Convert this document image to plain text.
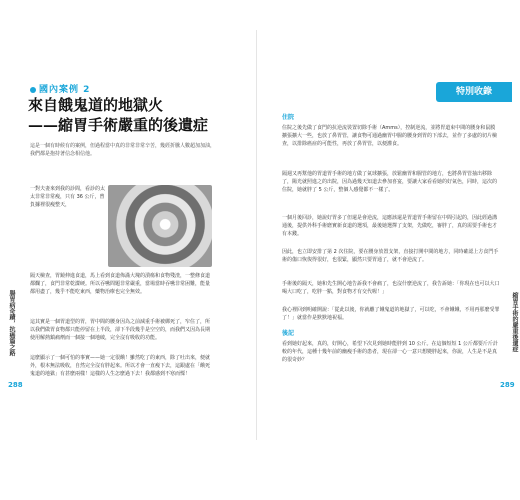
國內案例 2
來自餓鬼道的地獄火
——縮胃手術嚴重的後遺症
這是一個有時候有的案例，但過程當中真的非常非常辛苦，幾經折騰人數超加加油，我們都是抱持著信念相信他。
一對夫妻來到我的診間，看診的太太非常非常瘦，只有 36 公斤，曾負據裡很瘦整天，
隔天檢查，胃鏡伸進食道，馬上看到食道佈滿大塊的潰瘍和食物殘渣，一整條食道都爛了，食門非常乾澀硬。所以吞嚥問題非常嚴重，當場當時吞嚥非常困難，能量都用盡了，幾乎不能吃東西，藥物治療也完全無效。
這其實是一個胃道型的胃，胃中間的腰身因為之前減重手術被綁死了，窄住了，所以我們做胃食物都只能停留在上半段，卻下半段幾乎是空空的，而我們又因為長期使用解熱鎮痛劑而一個接一個地破，完全沒有吸收的功能。
這麼顯示了一個可怕的事實——她一定很餓！雖然吃了的東西，除了吐出來，便就外，根本無法吸收，自然完全沒有胖起來。所以才會一直瘦下去，這跟處在「餓死鬼道的地獄」有甚麼兩樣！這樣的人生怎麼過下去！我都感到不寒而慄！
腸胃病奇蹟，抗癌篇之路
288
特別收錄
住院
住院之後先做了食門的抗逆流裝置切除手術（Amms），控制逆流，並將胃道束中間的腰身和鼠膜擴張擴大一些，也放了鼻胃管，讓食物可通過幽胃中腸的腰身到胃的下部去，並作了多處的切片檢查，以排除癌症的可能性，再放了鼻胃管，以便灌食。
隔週又再幫他的胃道胃手術的地方做了氣球擴張，放鬆幽胃和腸管的地方，也將鼻胃管抽出移除了，陽光就照進之的出院，因為過幾天知道去參加喜宴，要讓大家看看她的好氣色，同時，這次的住院，她就胖了 5 公斤，整個人感覺都不一樣了。
一個月後回診，她說好胃多了但還是會逆流，這應該還是胃道胃手術留在中間引起的，因此經過溝通後，提供外科手術磨實新食道的選項，最後她選擇了支架，先做吃，審胖了，真的需要手術也才有本錢。
因此，也立即安排了第 2 次住院，要在腰身放置支架，直接打開中間的地方，同時確認上方食門手術的傷口恢復得很好，也很緊，顯然只要胃通了，就不會逆流了。
手術後的隔天，她和先生開心地告訴我不會痛了，也沒什麼逆流了，我告訴她：「你現在也可以大口喝大口吃了，吃胖一點，對食物才有交代喔！」
我心裡回到明確開說：「從此以後，你就離了餓鬼道的地獄了，可以吃，不會餓餓，不用再那麼受罪了！」就當作是默默地祝福。
後記
看到她好起來，真的，好開心，希望下次見到她時能胖到 10 公斤。在這個短短 1 公斤都要斤斤計較的年代，這種十幾年前的幽瘦手術的患者，現在卻一心一意只想變胖起來，你說，人生是不是真的很奇妙？
縮胃手術的嚴重後遺症
289
